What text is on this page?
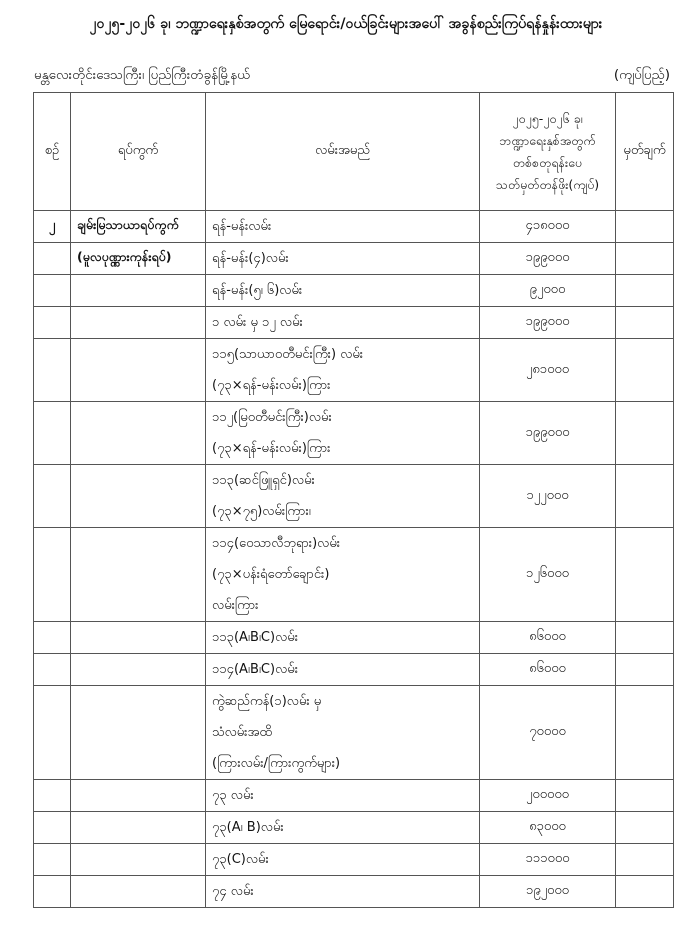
၂၀၂၅-၂၀၂၆ ခု၊ ဘဏ္ဍာရေးနှစ်အတွက် မြေရောင်း/ဝယ်ခြင်းများအပေါ် အခွန်စည်းကြပ်ရန်နှုန်းထားများ
မန္တလေးတိုင်းဒေသကြီး၊ ပြည်ကြီးတံခွန်မြို့နယ်	(ကျပ်ပြည့်)
စဉ်	ရပ်ကွက်	လမ်းအမည်	၂၀၂၅-၂၀၂၆ ခု၊
ဘဏ္ဍာရေးနှစ်အတွက်
တစ်စတုရန်းပေ
သတ်မှတ်တန်ဖိုး(ကျပ်)	မှတ်ချက်
၂	ချမ်းမြသာယာရပ်ကွက်	ရန်-မန်းလမ်း	၄၁၈၀၀၀	
	(မူလပုဏ္ဏားကုန်းရပ်)	ရန်-မန်း(၄)လမ်း	၁၉၉၀၀၀	

		ရန်-မန်း(၅၊ ၆)လမ်း	၉၂၀၀၀	

		၁ လမ်း မှ ၁၂ လမ်း	၁၉၉၀၀၀	

		၁၁၅(သာယာဝတီမင်းကြီး) လမ်း
(၇၃×ရန်-မန်းလမ်း)ကြား	၂၈၁၀၀၀	

		၁၁၂(မြဝတီမင်းကြီး)လမ်း
(၇၃×ရန်-မန်းလမ်း)ကြား	၁၉၉၀၀၀	

		၁၁၃(ဆင်ဖြူရှင်)လမ်း
(၇၃×၇၅)လမ်းကြား၊	၁၂၂၀၀၀	

		၁၁၄(ဝေသာလီဘုရား)လမ်း
(၇၃×ပန်းရံတော်ချောင်း)
လမ်းကြား	၁၂၆၀၀၀	

		၁၁၃(A၊B၊C)လမ်း	၈၆၀၀၀	

		၁၁၄(A၊B၊C)လမ်း	၈၆၀၀၀	

		ကွဲဆည်ကန်(၁)လမ်း မှ
သံလမ်းအထိ
(ကြားလမ်း/ကြားကွက်များ)	၇၀၀၀၀	

		၇၃ လမ်း	၂၀၀၀၀၀	

		၇၃(A၊ B)လမ်း	၈၃၀၀၀	

		၇၃(C)လမ်း	၁၁၁၀၀၀	

		၇၄ လမ်း	၁၉၂၀၀၀	
